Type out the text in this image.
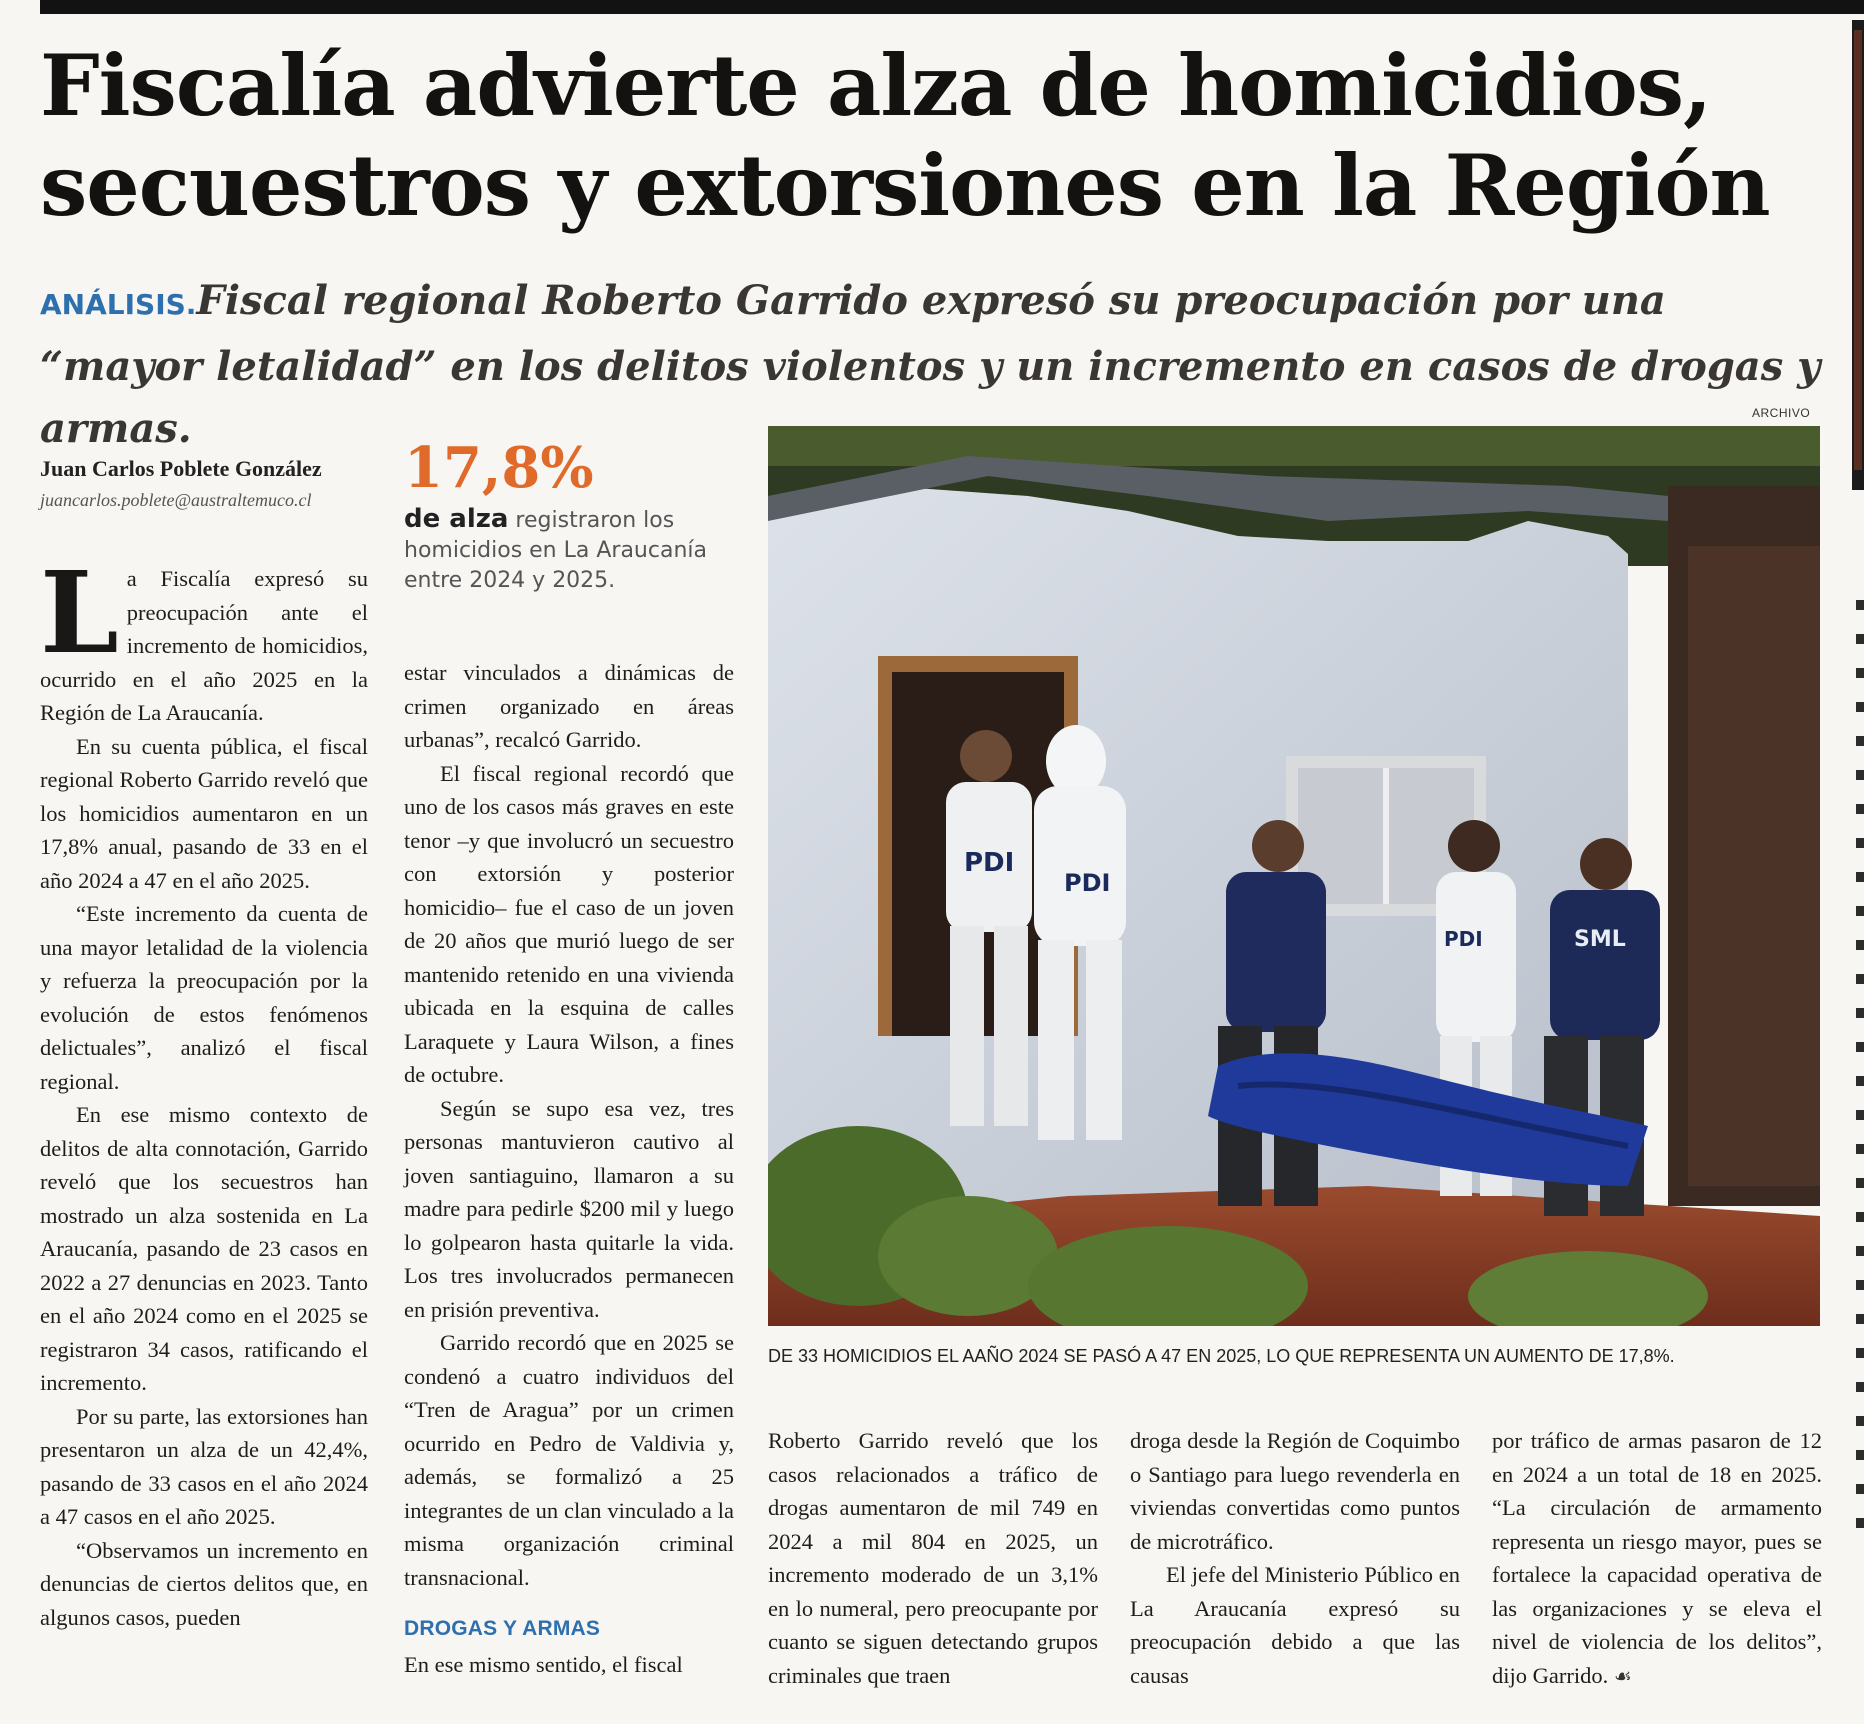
Fiscalía advierte alza de homicidios,
secuestros y extorsiones en la Región

ANÁLISIS.Fiscal regional Roberto Garrido expresó su preocupación por una “mayor letalidad” en los delitos violentos y un incremento en casos de drogas y armas.	ARCHIVO
PDI
PDI
PDI	SML
DE 33 HOMICIDIOS EL AAÑO 2024 SE PASÓ A 47 EN 2025, LO QUE REPRESENTA UN AUMENTO DE 17,8%.
Juan Carlos Poblete González
juancarlos.poblete@australtemuco.cl	17,8%
de alza registraron los homicidios en La Araucanía entre 2024 y 2025.

La Fiscalía expresó su preocupación ante el incremento de homicidios, ocurrido en el año 2025 en la Región de La Araucanía.

En su cuenta pública, el fiscal regional Roberto Garrido reveló que los homicidios aumentaron en un 17,8% anual, pasando de 33 en el año 2024 a 47 en el año 2025.

“Este incremento da cuenta de una mayor letalidad de la violencia y refuerza la preocupación por la evolución de estos fenómenos delictuales”, analizó el fiscal regional.

En ese mismo contexto de delitos de alta connotación, Garrido reveló que los secuestros han mostrado un alza sostenida en La Araucanía, pasando de 23 casos en 2022 a 27 denuncias en 2023. Tanto en el año 2024 como en el 2025 se registraron 34 casos, ratificando el incremento.

Por su parte, las extorsiones han presentaron un alza de un 42,4%, pasando de 33 casos en el año 2024 a 47 casos en el año 2025.

“Observamos un incremento en denuncias de ciertos delitos que, en algunos casos, pueden

estar vinculados a dinámicas de crimen organizado en áreas urbanas”, recalcó Garrido.

El fiscal regional recordó que uno de los casos más graves en este tenor –y que involucró un secuestro con extorsión y posterior homicidio– fue el caso de un joven de 20 años que murió luego de ser mantenido retenido en una vivienda ubicada en la esquina de calles Laraquete y Laura Wilson, a fines de octubre.

Según se supo esa vez, tres personas mantuvieron cautivo al joven santiaguino, llamaron a su madre para pedirle $200 mil y luego lo golpearon hasta quitarle la vida. Los tres involucrados permanecen en prisión preventiva.

Garrido recordó que en 2025 se condenó a cuatro individuos del “Tren de Aragua” por un crimen ocurrido en Pedro de Valdivia y, además, se formalizó a 25 integrantes de un clan vinculado a la misma organización criminal transnacional.

DROGAS Y ARMAS

En ese mismo sentido, el fiscal

Roberto Garrido reveló que los casos relacionados a tráfico de drogas aumentaron de mil 749 en 2024 a mil 804 en 2025, un incremento moderado de un 3,1% en lo numeral, pero preocupante por cuanto se siguen detectando grupos criminales que traen

droga desde la Región de Coquimbo o Santiago para luego revenderla en viviendas convertidas como puntos de microtráfico.

El jefe del Ministerio Público en La Araucanía expresó su preocupación debido a que las causas

por tráfico de armas pasaron de 12 en 2024 a un total de 18 en 2025. “La circulación de armamento representa un riesgo mayor, pues se fortalece la capacidad operativa de las organizaciones y se eleva el nivel de violencia de los delitos”, dijo Garrido. ☙
